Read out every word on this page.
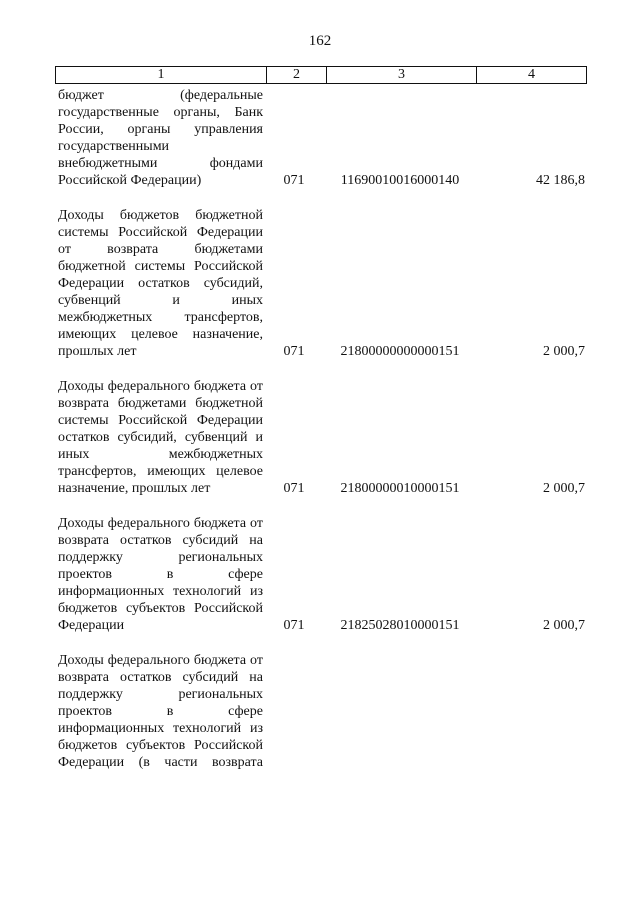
162
1	2	3	4
бюджет (федеральные государственные органы, Банк России, органы управления государственными внебюджетными фондами Российской Федерации)	071	11690010016000140	42 186,8
Доходы бюджетов бюджетной системы Российской Федерации от возврата бюджетами бюджетной системы Российской Федерации остатков субсидий, субвенций и иных межбюджетных трансфертов, имеющих целевое назначение, прошлых лет	071	21800000000000151	2 000,7
Доходы федерального бюджета от возврата бюджетами бюджетной системы Российской Федерации остатков субсидий, субвенций и иных межбюджетных трансфертов, имеющих целевое назначение, прошлых лет	071	21800000010000151	2 000,7
Доходы федерального бюджета от возврата остатков субсидий на поддержку региональных проектов в сфере информационных технологий из бюджетов субъектов Российской Федерации	071	21825028010000151	2 000,7
Доходы федерального бюджета от возврата остатков субсидий на поддержку региональных проектов в сфере информационных технологий из бюджетов субъектов Российской Федерации (в части возврата
